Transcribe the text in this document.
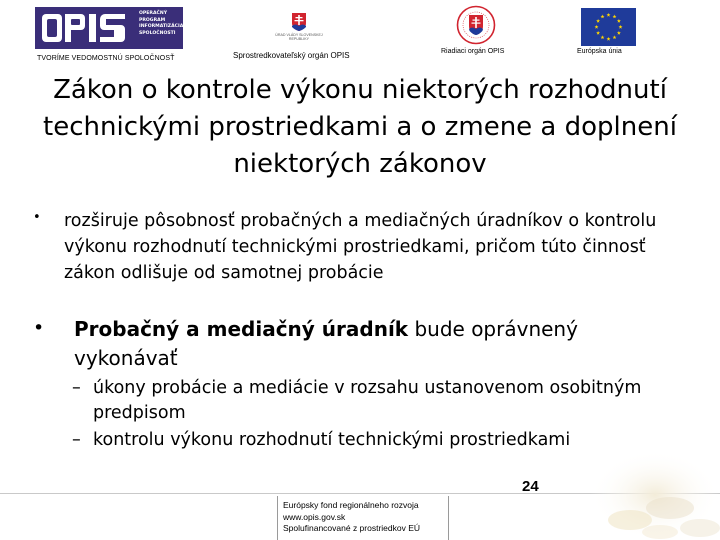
OPERAČNÝ
PROGRAM
INFORMATIZÁCIA
SPOLOČNOSTI
TVORÍME VEDOMOSTNÚ SPOLOČNOSŤ
ÚRAD VLÁDY SLOVENSKEJ REPUBLIKY
Sprostredkovateľský orgán OPIS	Riadiaci orgán OPIS	Európska únia
Zákon o kontrole výkonu niektorých rozhodnutí technickými prostriedkami a o zmene a doplnení niektorých zákonov
• rozširuje pôsobnosť probačných a mediačných úradníkov o kontrolu výkonu rozhodnutí technickými prostriedkami, pričom túto činnosť zákon odlišuje od samotnej probácie
• Probačný a mediačný úradník bude oprávnený vykonávať
– úkony probácie a mediácie v rozsahu ustanovenom osobitným predpisom
– kontrolu výkonu rozhodnutí technickými prostriedkami
Európsky fond regionálneho rozvoja
www.opis.gov.sk
Spolufinancované z prostriedkov EÚ
24
